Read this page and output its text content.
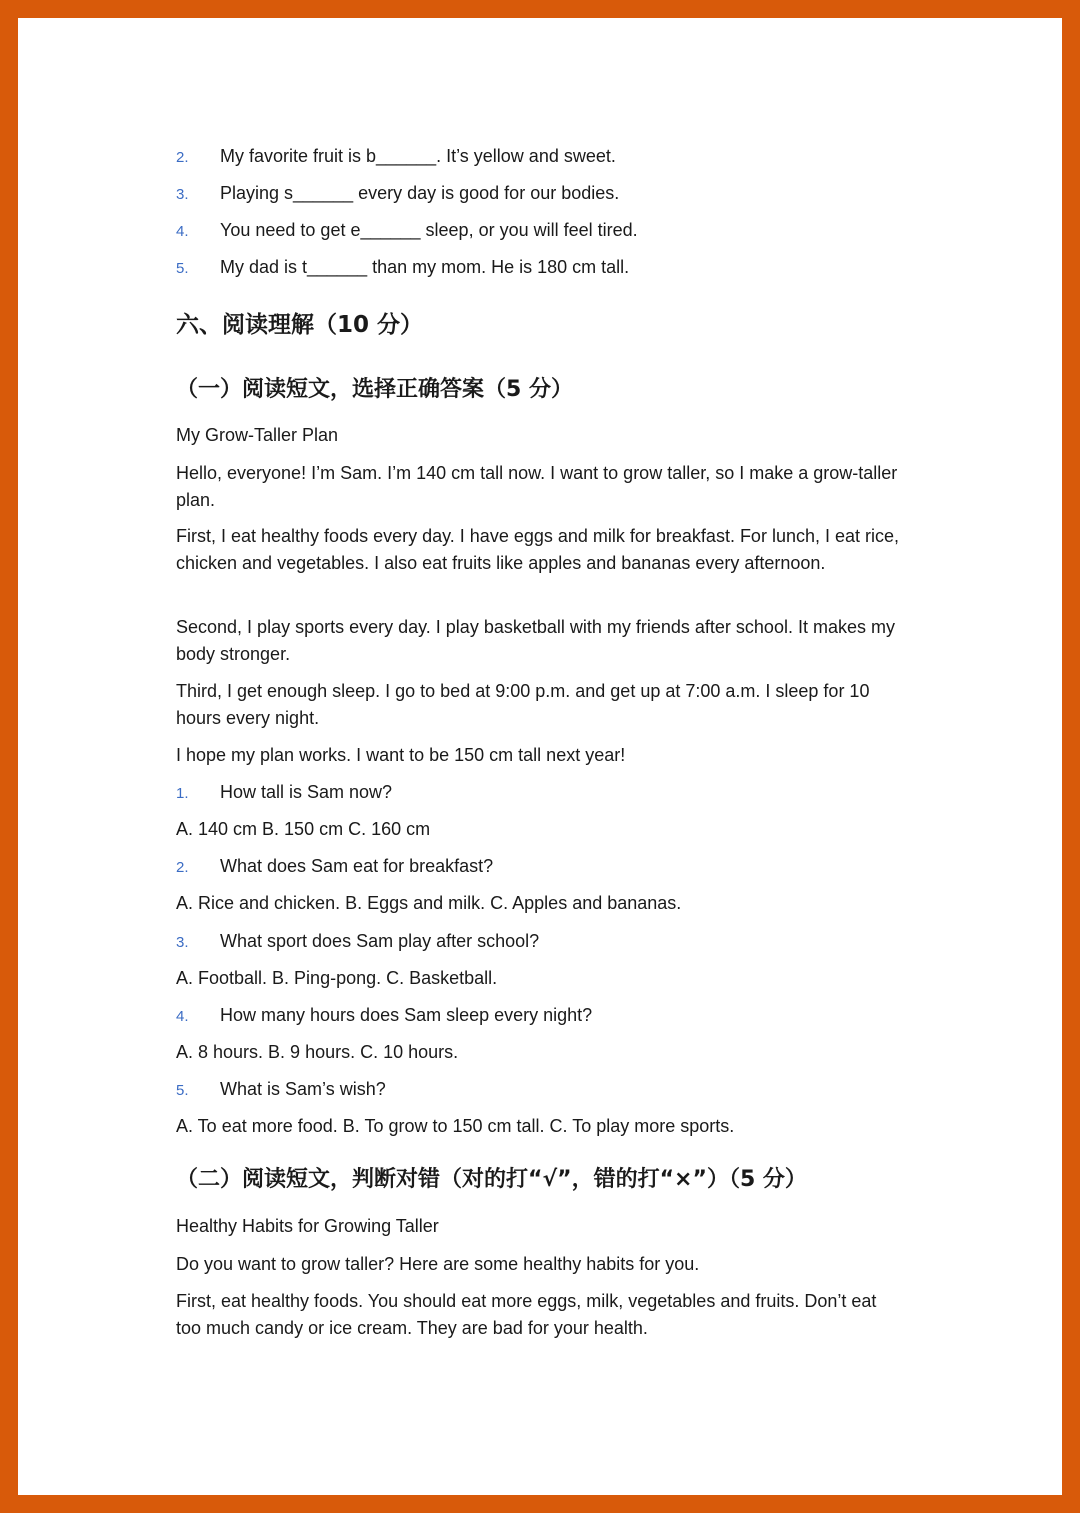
2. My favorite fruit is b______. It’s yellow and sweet.
3. Playing s______ every day is good for our bodies.
4. You need to get e______ sleep, or you will feel tired.
5. My dad is t______ than my mom. He is 180 cm tall.
六、阅读理解（10 分）
（一）阅读短文，选择正确答案（5 分）
My Grow-Taller Plan
Hello, everyone! I’m Sam. I’m 140 cm tall now. I want to grow taller, so I make a grow-taller plan.
First, I eat healthy foods every day. I have eggs and milk for breakfast. For lunch, I eat rice, chicken and vegetables. I also eat fruits like apples and bananas every afternoon.
Second, I play sports every day. I play basketball with my friends after school. It makes my body stronger.
Third, I get enough sleep. I go to bed at 9:00 p.m. and get up at 7:00 a.m. I sleep for 10 hours every night.
I hope my plan works. I want to be 150 cm tall next year!
1. How tall is Sam now?
A. 140 cm B. 150 cm C. 160 cm
2. What does Sam eat for breakfast?
A. Rice and chicken. B. Eggs and milk. C. Apples and bananas.
3. What sport does Sam play after school?
A. Football. B. Ping-pong. C. Basketball.
4. How many hours does Sam sleep every night?
A. 8 hours. B. 9 hours. C. 10 hours.
5. What is Sam’s wish?
A. To eat more food. B. To grow to 150 cm tall. C. To play more sports.
（二）阅读短文，判断对错（对的打“√”，错的打“×”）（5 分）
Healthy Habits for Growing Taller
Do you want to grow taller? Here are some healthy habits for you.
First, eat healthy foods. You should eat more eggs, milk, vegetables and fruits. Don’t eat too much candy or ice cream. They are bad for your health.
